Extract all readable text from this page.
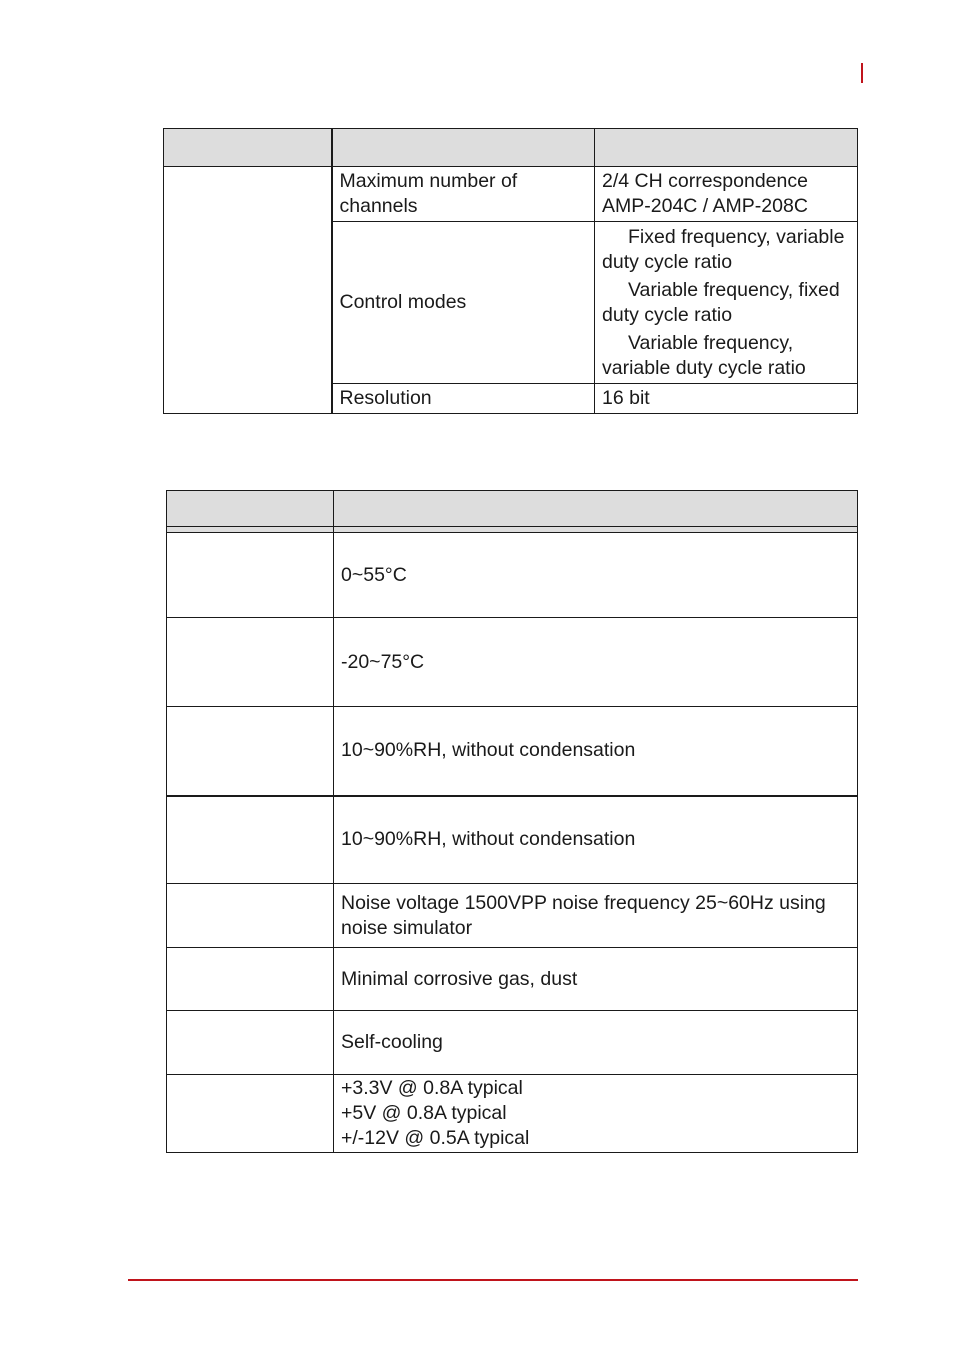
	Maximum number of channels	2/4 CH correspondence AMP-204C / AMP-208C
	Control modes	Fixed frequency, variable duty cycle ratio

Variable frequency, fixed duty cycle ratio

Variable frequency, variable duty cycle ratio

	Resolution	16 bit

	0~55°C
	-20~75°C
	10~90%RH, without condensation
	10~90%RH, without condensation
	Noise voltage 1500VPP noise frequency 25~60Hz using noise simulator
	Minimal corrosive gas, dust
	Self-cooling

	+3.3V @ 0.8A typical
+5V @ 0.8A typical
+/-12V @ 0.5A typical
